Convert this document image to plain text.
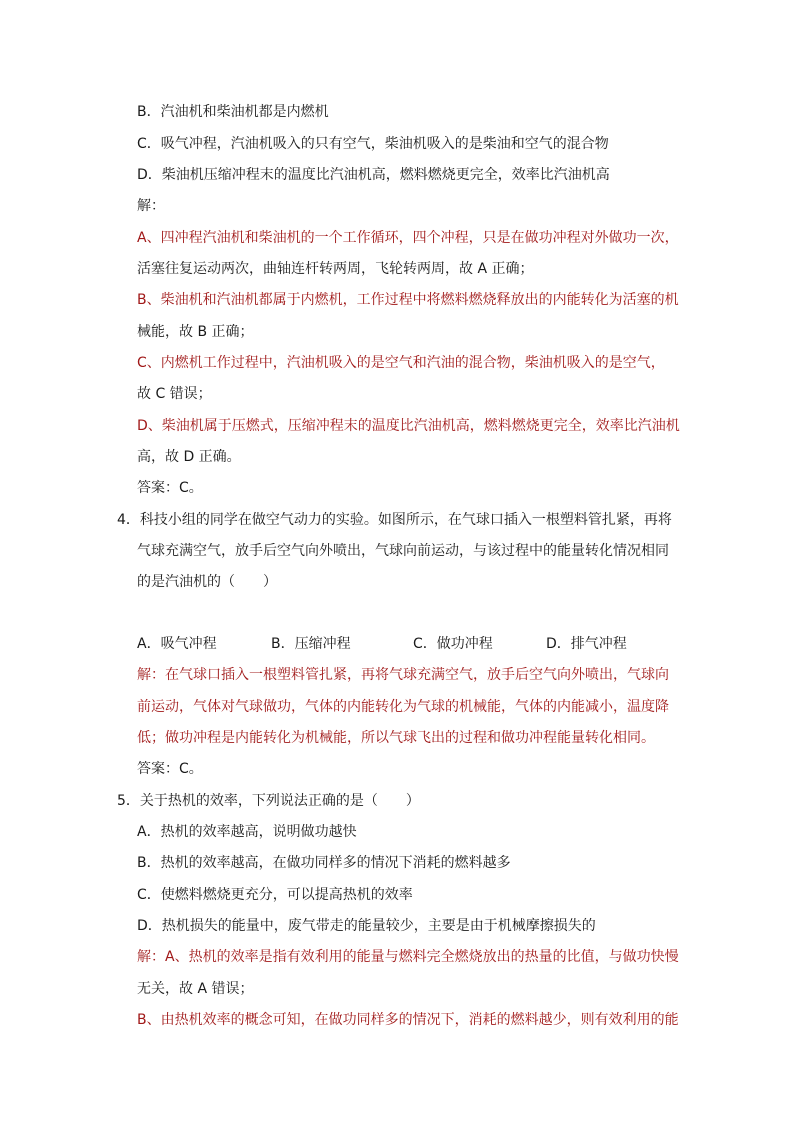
B．汽油机和柴油机都是内燃机
C．吸气冲程，汽油机吸入的只有空气，柴油机吸入的是柴油和空气的混合物
D．柴油机压缩冲程末的温度比汽油机高，燃料燃烧更完全，效率比汽油机高
解：
A、四冲程汽油机和柴油机的一个工作循环，四个冲程，只是在做功冲程对外做功一次，
活塞往复运动两次，曲轴连杆转两周，飞轮转两周，故 A 正确；
B、柴油机和汽油机都属于内燃机，工作过程中将燃料燃烧释放出的内能转化为活塞的机
械能，故 B 正确；
C、内燃机工作过程中，汽油机吸入的是空气和汽油的混合物，柴油机吸入的是空气，
故 C 错误；
D、柴油机属于压燃式，压缩冲程末的温度比汽油机高，燃料燃烧更完全，效率比汽油机
高，故 D 正确。
答案：C。
4．科技小组的同学在做空气动力的实验。如图所示，在气球口插入一根塑料管扎紧，再将
气球充满空气，放手后空气向外喷出，气球向前运动，与该过程中的能量转化情况相同
的是汽油机的（　　）
A．吸气冲程	B．压缩冲程	C．做功冲程	D．排气冲程
解：在气球口插入一根塑料管扎紧，再将气球充满空气，放手后空气向外喷出，气球向
前运动，气体对气球做功，气体的内能转化为气球的机械能，气体的内能减小，温度降
低；做功冲程是内能转化为机械能，所以气球飞出的过程和做功冲程能量转化相同。
答案：C。
5．关于热机的效率，下列说法正确的是（　　）
A．热机的效率越高，说明做功越快
B．热机的效率越高，在做功同样多的情况下消耗的燃料越多
C．使燃料燃烧更充分，可以提高热机的效率
D．热机损失的能量中，废气带走的能量较少，主要是由于机械摩擦损失的
解：A、热机的效率是指有效利用的能量与燃料完全燃烧放出的热量的比值，与做功快慢
无关，故 A 错误；
B、由热机效率的概念可知，在做功同样多的情况下，消耗的燃料越少，则有效利用的能
